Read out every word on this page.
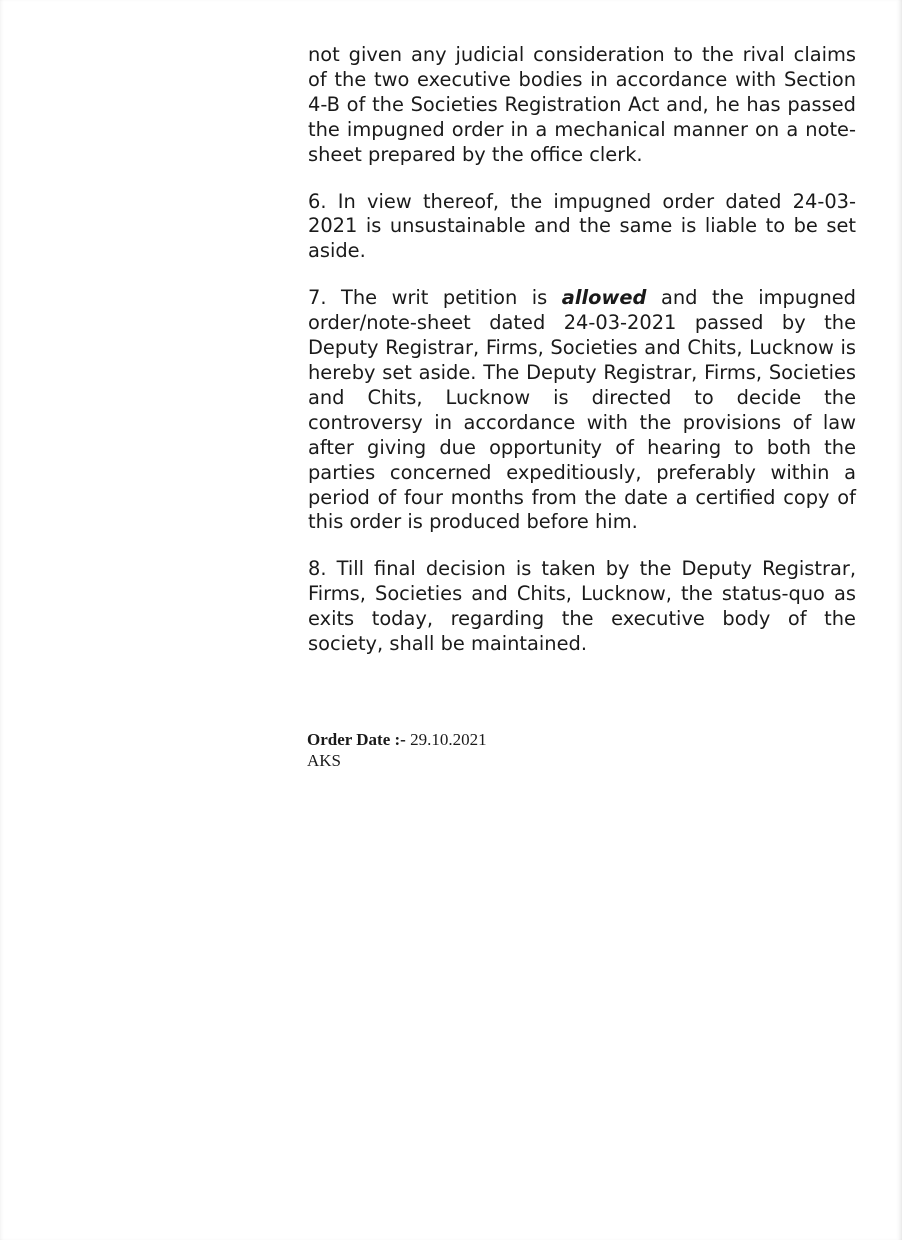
not given any judicial consideration to the rival claims of the two executive bodies in accordance with Section 4-B of the Societies Registration Act and, he has passed the impugned order in a mechanical manner on a note-sheet prepared by the office clerk.

6. In view thereof, the impugned order dated 24-03-2021 is unsustainable and the same is liable to be set aside.

7. The writ petition is allowed and the impugned order/note-sheet dated 24-03-2021 passed by the Deputy Registrar, Firms, Societies and Chits, Lucknow is hereby set aside. The Deputy Registrar, Firms, Societies and Chits, Lucknow is directed to decide the controversy in accordance with the provisions of law after giving due opportunity of hearing to both the parties concerned expeditiously, preferably within a period of four months from the date a certified copy of this order is produced before him.

8. Till final decision is taken by the Deputy Registrar, Firms, Societies and Chits, Lucknow, the status-quo as exits today, regarding the executive body of the society, shall be maintained.

Order Date :- 29.10.2021
AKS
